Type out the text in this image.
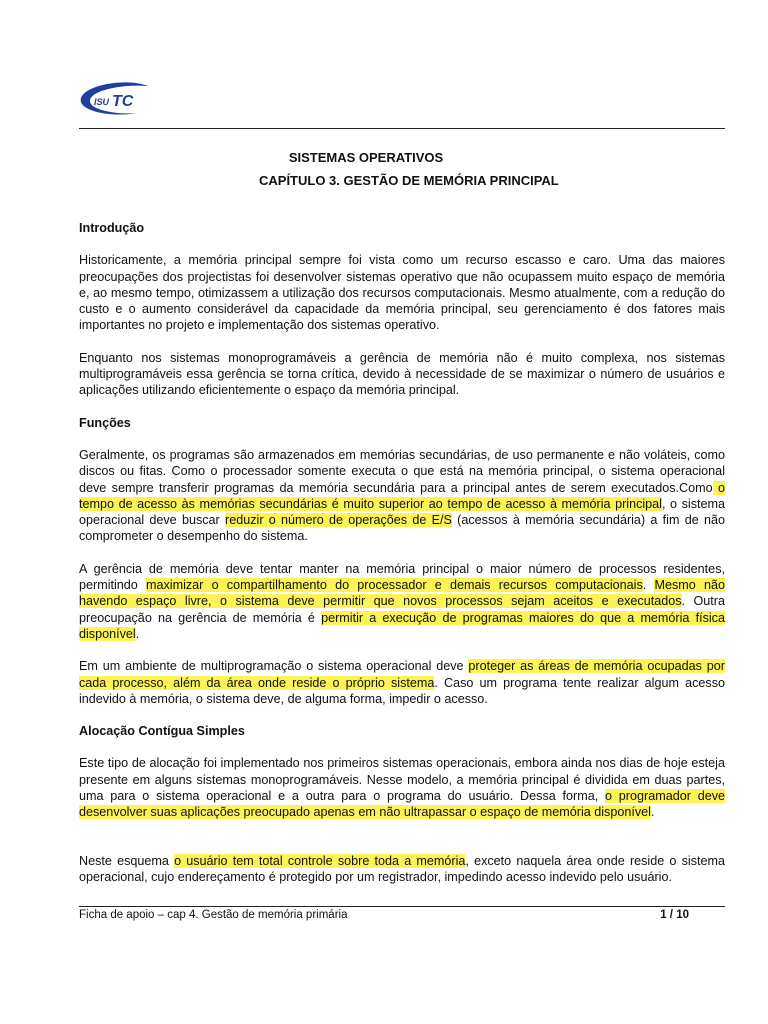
ISU TC
SISTEMAS OPERATIVOS
CAPÍTULO 3. GESTÃO DE MEMÓRIA PRINCIPAL
Introdução

Historicamente, a memória principal sempre foi vista como um recurso escasso e caro. Uma das maiores preocupações dos projectistas foi desenvolver sistemas operativo que não ocupassem muito espaço de memória e, ao mesmo tempo, otimizassem a utilização dos recursos computacionais. Mesmo atualmente, com a redução do custo e o aumento considerável da capacidade da memória principal, seu gerenciamento é dos fatores mais importantes no projeto e implementação dos sistemas operativo.

Enquanto nos sistemas monoprogramáveis a gerência de memória não é muito complexa, nos sistemas multiprogramáveis essa gerência se torna crítica, devido à necessidade de se maximizar o número de usuários e aplicações utilizando eficientemente o espaço da memória principal.

Funções

Geralmente, os programas são armazenados em memórias secundárias, de uso permanente e não voláteis, como discos ou fitas. Como o processador somente executa o que está na memória principal, o sistema operacional deve sempre transferir programas da memória secundária para a principal antes de serem executados.Como o tempo de acesso às memórias secundárias é muito superior ao tempo de acesso à memória principal, o sistema operacional deve buscar reduzir o número de operações de E/S (acessos à memória secundária) a fim de não comprometer o desempenho do sistema.

A gerência de memória deve tentar manter na memória principal o maior número de processos residentes, permitindo maximizar o compartilhamento do processador e demais recursos computacionais. Mesmo não havendo espaço livre, o sistema deve permitir que novos processos sejam aceitos e executados. Outra preocupação na gerência de memória é permitir a execução de programas maiores do que a memória física disponível.

Em um ambiente de multiprogramação o sistema operacional deve proteger as áreas de memória ocupadas por cada processo, além da área onde reside o próprio sistema. Caso um programa tente realizar algum acesso indevido à memória, o sistema deve, de alguma forma, impedir o acesso.

Alocação Contígua Simples

Este tipo de alocação foi implementado nos primeiros sistemas operacionais, embora ainda nos dias de hoje esteja presente em alguns sistemas monoprogramáveis. Nesse modelo, a memória principal é dividida em duas partes, uma para o sistema operacional e a outra para o programa do usuário. Dessa forma, o programador deve desenvolver suas aplicações preocupado apenas em não ultrapassar o espaço de memória disponível.

Neste esquema o usuário tem total controle sobre toda a memória, exceto naquela área onde reside o sistema operacional, cujo endereçamento é protegido por um registrador, impedindo acesso indevido pelo usuário.

Ficha de apoio – cap 4. Gestão de memória primária	1 / 10
